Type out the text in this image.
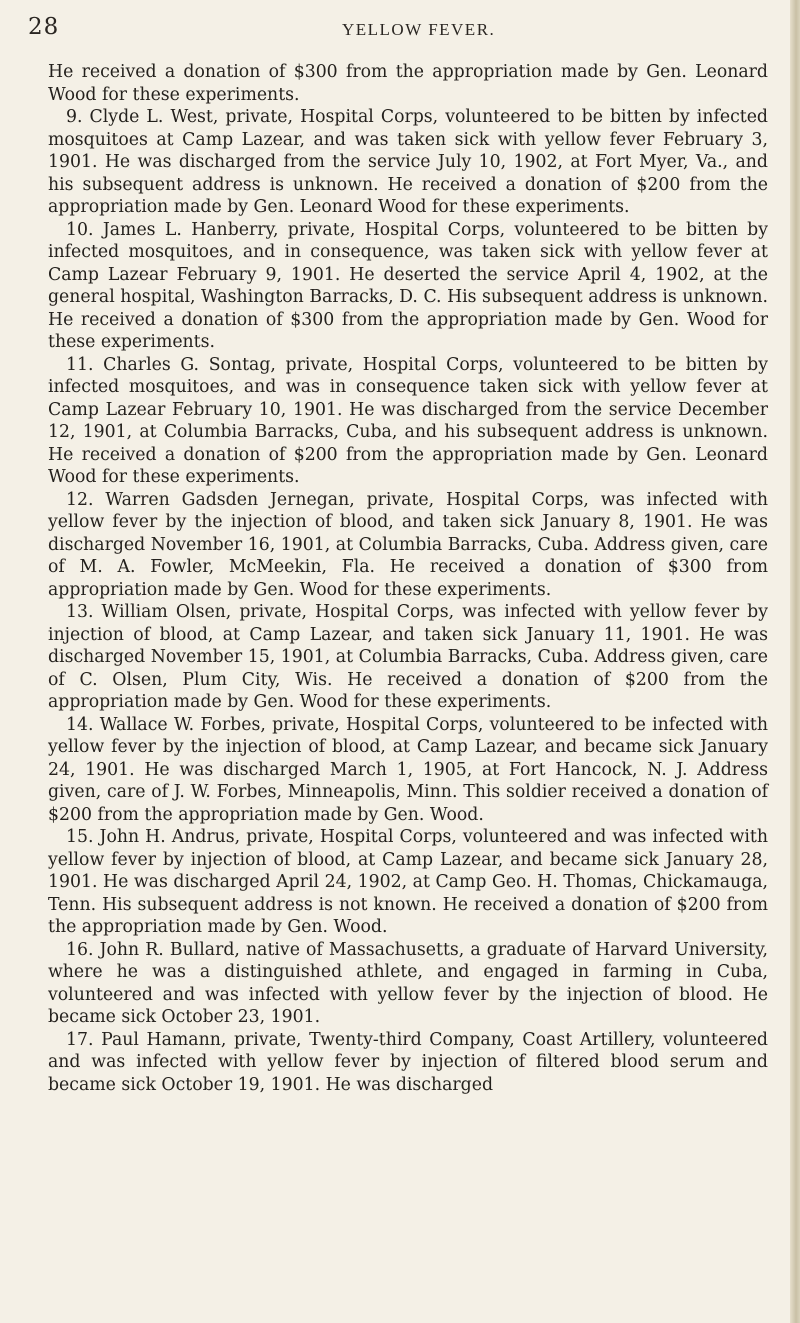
28	YELLOW FEVER.

He received a donation of $300 from the appropriation made by Gen. Leonard Wood for these experiments.

9. Clyde L. West, private, Hospital Corps, volunteered to be bitten by infected mosquitoes at Camp Lazear, and was taken sick with yellow fever February 3, 1901. He was discharged from the service July 10, 1902, at Fort Myer, Va., and his subsequent address is unknown. He received a donation of $200 from the appropriation made by Gen. Leonard Wood for these experiments.

10. James L. Hanberry, private, Hospital Corps, volunteered to be bitten by infected mosquitoes, and in consequence, was taken sick with yellow fever at Camp Lazear February 9, 1901. He deserted the service April 4, 1902, at the general hospital, Washington Barracks, D. C. His subsequent address is unknown. He received a donation of $300 from the appropriation made by Gen. Wood for these experiments.

11. Charles G. Sontag, private, Hospital Corps, volunteered to be bitten by infected mosquitoes, and was in consequence taken sick with yellow fever at Camp Lazear February 10, 1901. He was discharged from the service December 12, 1901, at Columbia Barracks, Cuba, and his subsequent address is unknown. He received a donation of $200 from the appropriation made by Gen. Leonard Wood for these experiments.

12. Warren Gadsden Jernegan, private, Hospital Corps, was infected with yellow fever by the injection of blood, and taken sick January 8, 1901. He was discharged November 16, 1901, at Columbia Barracks, Cuba. Address given, care of M. A. Fowler, McMeekin, Fla. He received a donation of $300 from appropriation made by Gen. Wood for these experiments.

13. William Olsen, private, Hospital Corps, was infected with yellow fever by injection of blood, at Camp Lazear, and taken sick January 11, 1901. He was discharged November 15, 1901, at Columbia Barracks, Cuba. Address given, care of C. Olsen, Plum City, Wis. He received a donation of $200 from the appropriation made by Gen. Wood for these experiments.

14. Wallace W. Forbes, private, Hospital Corps, volunteered to be infected with yellow fever by the injection of blood, at Camp Lazear, and became sick January 24, 1901. He was discharged March 1, 1905, at Fort Hancock, N. J. Address given, care of J. W. Forbes, Minneapolis, Minn. This soldier received a donation of $200 from the appropriation made by Gen. Wood.

15. John H. Andrus, private, Hospital Corps, volunteered and was infected with yellow fever by injection of blood, at Camp Lazear, and became sick January 28, 1901. He was discharged April 24, 1902, at Camp Geo. H. Thomas, Chickamauga, Tenn. His subsequent address is not known. He received a donation of $200 from the appropriation made by Gen. Wood.

16. John R. Bullard, native of Massachusetts, a graduate of Harvard University, where he was a distinguished athlete, and engaged in farming in Cuba, volunteered and was infected with yellow fever by the injection of blood. He became sick October 23, 1901.

17. Paul Hamann, private, Twenty-third Company, Coast Artillery, volunteered and was infected with yellow fever by injection of filtered blood serum and became sick October 19, 1901. He was discharged
